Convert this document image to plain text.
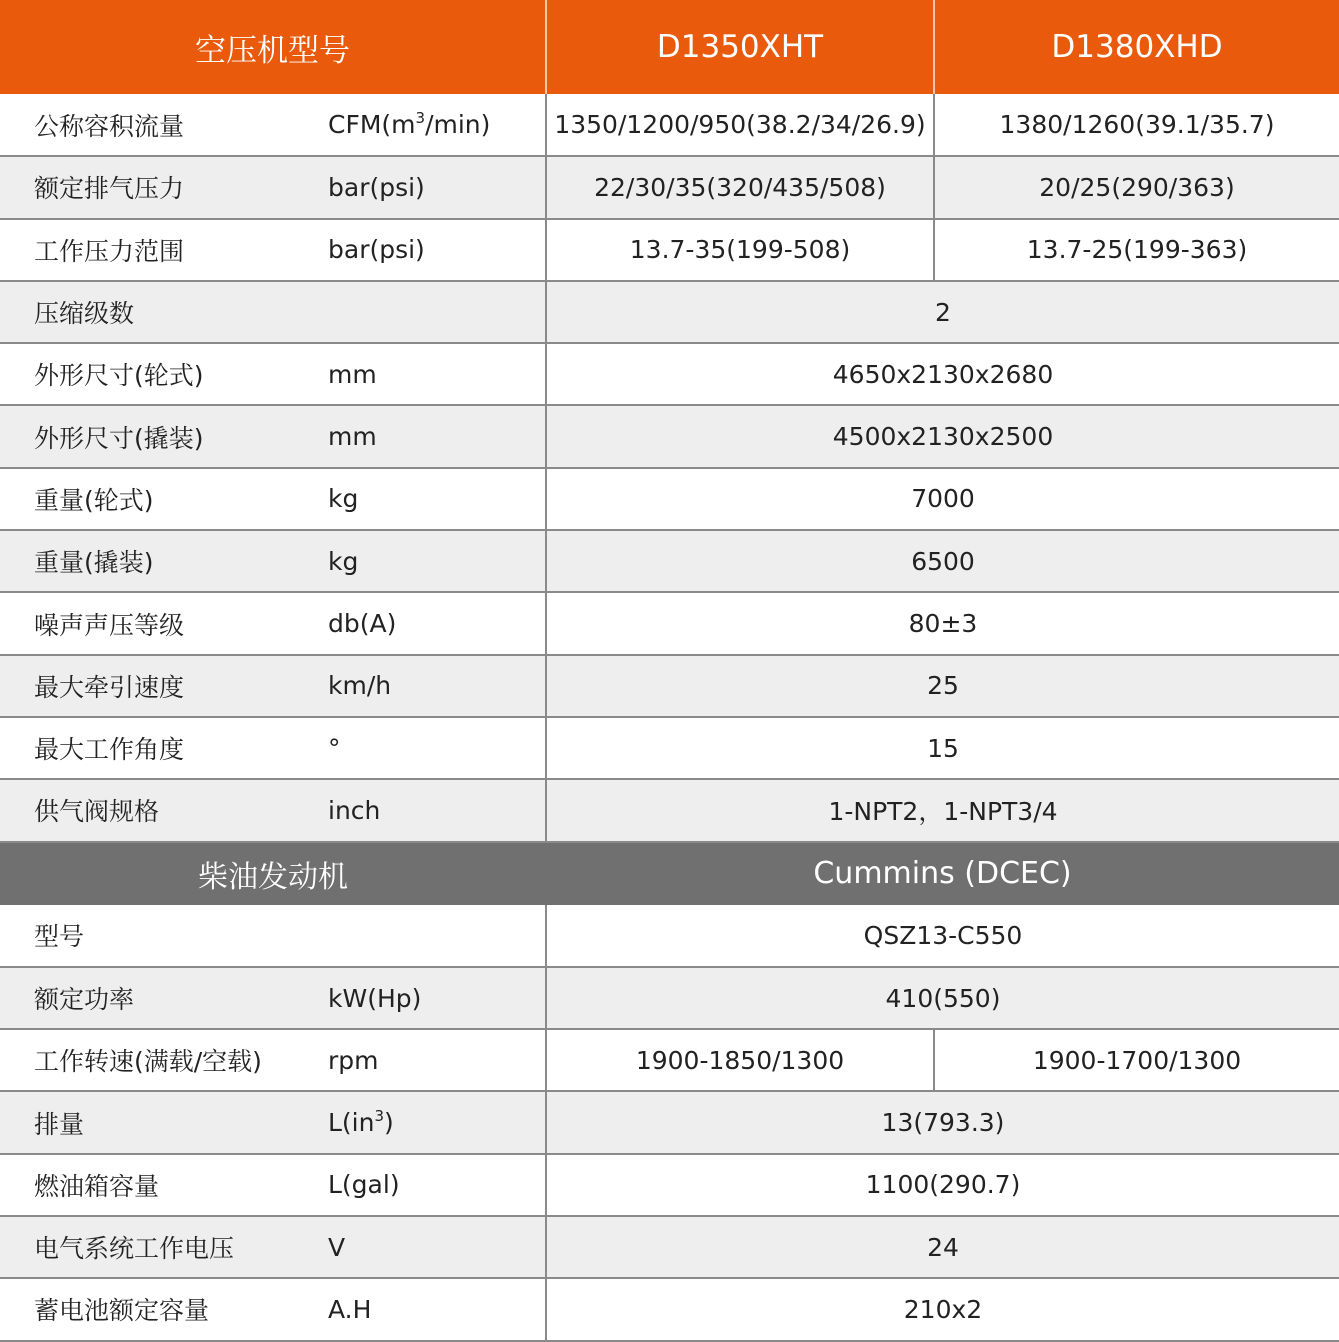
空压机型号		D1350XHT	D1380XHD
公称容积流量	$CFM(m^3/\min)$	1350/1200/950(38.2/34/26.9)	1380/1260(39.1/35.7)
额定排气压力	bar(psi)	22/30/35(320/435/508)	20/25(290/363)
工作压力范围	bar(psi)	13.7-35(199-508)	13.7-25(199-363)
压缩级数		2	
外形尺寸(轮式)	mm	4650x2130x2680	
外形尺寸(撬装)	mm	4500x2130x2500	
重量(轮式)	kg	7000	
重量(撬装)	kg	6500	
噪声声压等级	db(A)	80±3	
最大牵引速度	km/h	25	
最大工作角度	°	15	
供气阀规格	inch	1-NPT2，1-NPT3/4	
柴油发动机		Cummins (DCEC)	
型号		QSZ13-C550	
额定功率	kW(Hp)	410(550)	
工作转速(满载/空载)	rpm	1900-1850/1300	1900-1700/1300
排量	$L(in^3)$	13(793.3)	
燃油箱容量	L(gal)	1100(290.7)	
电气系统工作电压	V	24	
蓄电池额定容量	A.H	210x2	
